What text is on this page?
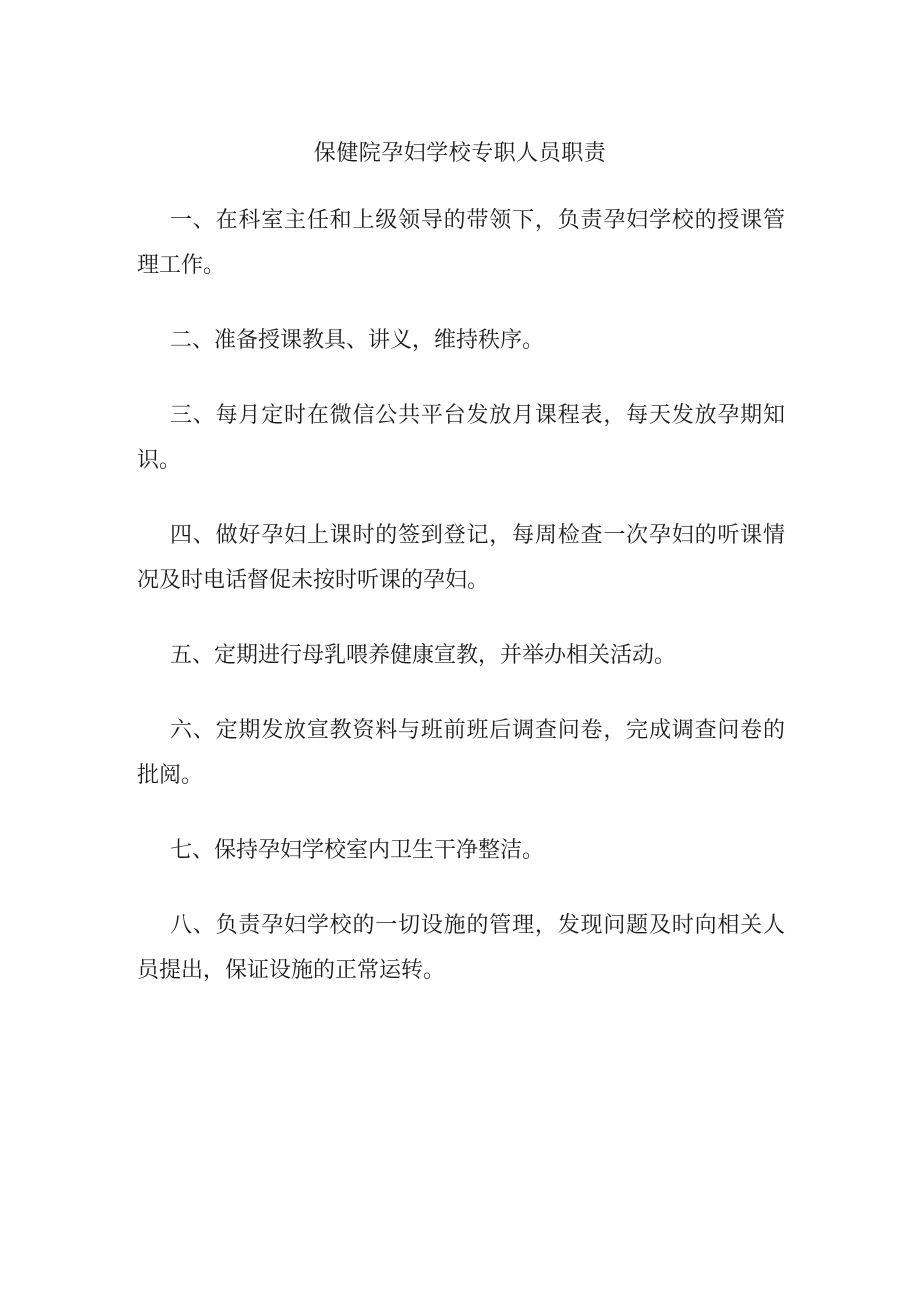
保健院孕妇学校专职人员职责

一、在科室主任和上级领导的带领下，负责孕妇学校的授课管理工作。

二、准备授课教具、讲义，维持秩序。

三、每月定时在微信公共平台发放月课程表，每天发放孕期知识。

四、做好孕妇上课时的签到登记，每周检查一次孕妇的听课情况及时电话督促未按时听课的孕妇。

五、定期进行母乳喂养健康宣教，并举办相关活动。

六、定期发放宣教资料与班前班后调查问卷，完成调查问卷的批阅。

七、保持孕妇学校室内卫生干净整洁。

八、负责孕妇学校的一切设施的管理，发现问题及时向相关人员提出，保证设施的正常运转。
